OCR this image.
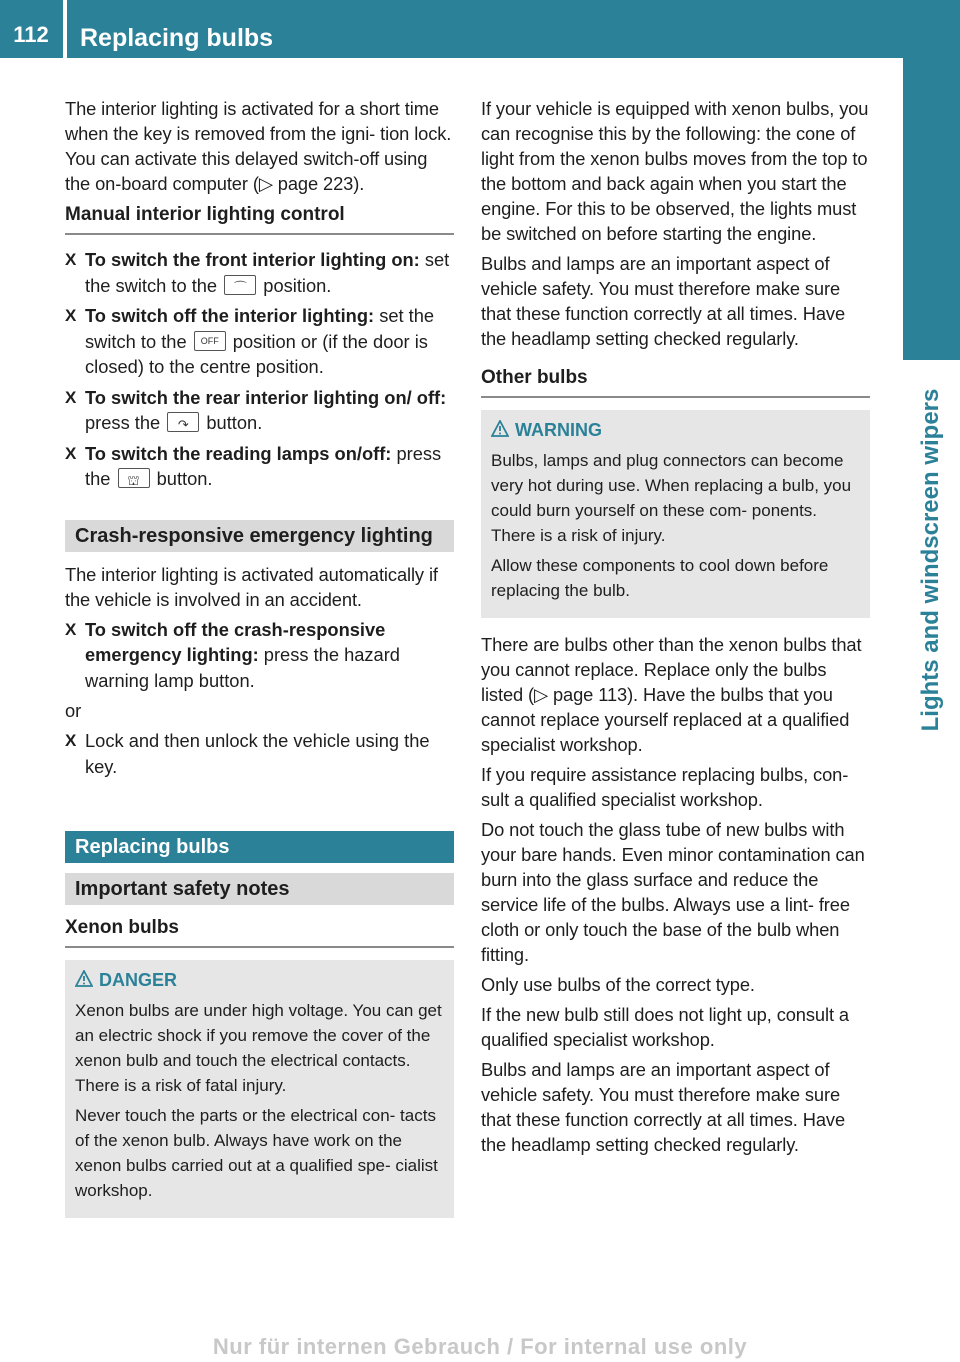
112	Replacing bulbs
Lights and windscreen wipers

The interior lighting is activated for a short time when the key is removed from the igni- tion lock. You can activate this delayed switch-off using the on-board computer (▷ page 223).

Manual interior lighting control
X To switch the front interior lighting on: set the switch to the	⌒ position.
X To switch off the interior lighting: set the switch to the	OFF position or (if the door is closed) to the centre position.
X To switch the rear interior lighting on/ off: press the	↷ button.
X To switch the reading lamps on/off: press the	⛫ button.
Crash-responsive emergency lighting

The interior lighting is activated automatically if the vehicle is involved in an accident.

X To switch off the crash-responsive emergency lighting: press the hazard warning lamp button.

or

X Lock and then unlock the vehicle using the key.
Replacing bulbs
Important safety notes
Xenon bulbs
DANGER

Xenon bulbs are under high voltage. You can get an electric shock if you remove the cover of the xenon bulb and touch the electrical contacts. There is a risk of fatal injury.

Never touch the parts or the electrical con- tacts of the xenon bulb. Always have work on the xenon bulbs carried out at a qualified spe- cialist workshop.

If your vehicle is equipped with xenon bulbs, you can recognise this by the following: the cone of light from the xenon bulbs moves from the top to the bottom and back again when you start the engine. For this to be observed, the lights must be switched on before starting the engine.

Bulbs and lamps are an important aspect of vehicle safety. You must therefore make sure that these function correctly at all times. Have the headlamp setting checked regularly.

Other bulbs
WARNING

Bulbs, lamps and plug connectors can become very hot during use. When replacing a bulb, you could burn yourself on these com- ponents. There is a risk of injury.

Allow these components to cool down before replacing the bulb.

There are bulbs other than the xenon bulbs that you cannot replace. Replace only the bulbs listed (▷ page 113). Have the bulbs that you cannot replace yourself replaced at a qualified specialist workshop.

If you require assistance replacing bulbs, con- sult a qualified specialist workshop.

Do not touch the glass tube of new bulbs with your bare hands. Even minor contamination can burn into the glass surface and reduce the service life of the bulbs. Always use a lint- free cloth or only touch the base of the bulb when fitting.

Only use bulbs of the correct type.

If the new bulb still does not light up, consult a qualified specialist workshop.

Bulbs and lamps are an important aspect of vehicle safety. You must therefore make sure that these function correctly at all times. Have the headlamp setting checked regularly.

Nur für internen Gebrauch / For internal use only
